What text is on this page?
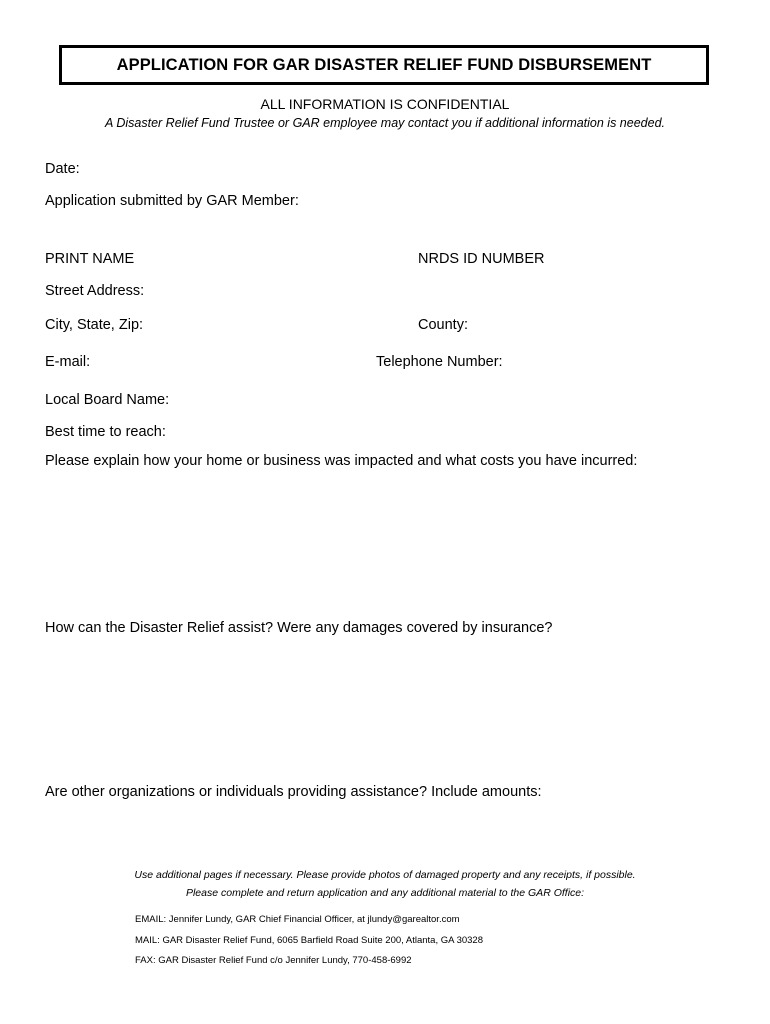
APPLICATION FOR GAR DISASTER RELIEF FUND DISBURSEMENT
ALL INFORMATION IS CONFIDENTIAL
A Disaster Relief Fund Trustee or GAR employee may contact you if additional information is needed.
Date:
Application submitted by GAR Member:
PRINT NAME	NRDS ID NUMBER
Street Address:
City, State, Zip:	County:
E-mail:	Telephone Number:
Local Board Name:
Best time to reach:
Please explain how your home or business was impacted and what costs you have incurred:
How can the Disaster Relief assist? Were any damages covered by insurance?
Are other organizations or individuals providing assistance? Include amounts:
Use additional pages if necessary. Please provide photos of damaged property and any receipts, if possible.
Please complete and return application and any additional material to the GAR Office:
EMAIL: Jennifer Lundy, GAR Chief Financial Officer, at jlundy@garealtor.com
MAIL: GAR Disaster Relief Fund, 6065 Barfield Road Suite 200, Atlanta, GA 30328
FAX: GAR Disaster Relief Fund c/o Jennifer Lundy, 770-458-6992
